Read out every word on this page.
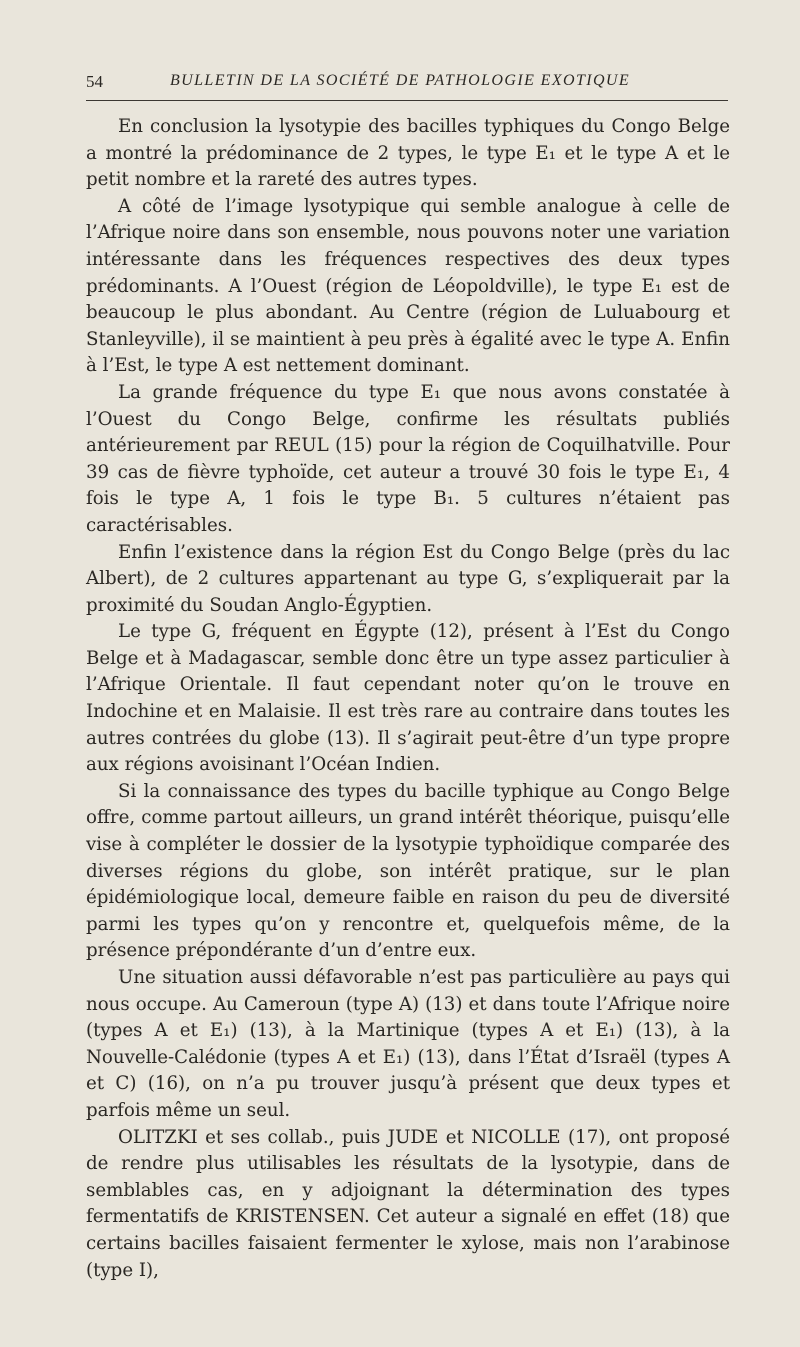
54	BULLETIN DE LA SOCIÉTÉ DE PATHOLOGIE EXOTIQUE

En conclusion la lysotypie des bacilles typhiques du Congo Belge a montré la prédominance de 2 types, le type E₁ et le type A et le petit nombre et la rareté des autres types.

A côté de l’image lysotypique qui semble analogue à celle de l’Afrique noire dans son ensemble, nous pouvons noter une variation intéressante dans les fréquences respectives des deux types prédominants. A l’Ouest (région de Léopoldville), le type E₁ est de beaucoup le plus abondant. Au Centre (région de Luluabourg et Stanleyville), il se maintient à peu près à égalité avec le type A. Enfin à l’Est, le type A est nettement dominant.

La grande fréquence du type E₁ que nous avons constatée à l’Ouest du Congo Belge, confirme les résultats publiés antérieurement par REUL (15) pour la région de Coquilhatville. Pour 39 cas de fièvre typhoïde, cet auteur a trouvé 30 fois le type E₁, 4 fois le type A, 1 fois le type B₁. 5 cultures n’étaient pas caractérisables.

Enfin l’existence dans la région Est du Congo Belge (près du lac Albert), de 2 cultures appartenant au type G, s’expliquerait par la proximité du Soudan Anglo-Égyptien.

Le type G, fréquent en Égypte (12), présent à l’Est du Congo Belge et à Madagascar, semble donc être un type assez particulier à l’Afrique Orientale. Il faut cependant noter qu’on le trouve en Indochine et en Malaisie. Il est très rare au contraire dans toutes les autres contrées du globe (13). Il s’agirait peut-être d’un type propre aux régions avoisinant l’Océan Indien.

Si la connaissance des types du bacille typhique au Congo Belge offre, comme partout ailleurs, un grand intérêt théorique, puisqu’elle vise à compléter le dossier de la lysotypie typhoïdique comparée des diverses régions du globe, son intérêt pratique, sur le plan épidémiologique local, demeure faible en raison du peu de diversité parmi les types qu’on y rencontre et, quelquefois même, de la présence prépondérante d’un d’entre eux.

Une situation aussi défavorable n’est pas particulière au pays qui nous occupe. Au Cameroun (type A) (13) et dans toute l’Afrique noire (types A et E₁) (13), à la Martinique (types A et E₁) (13), à la Nouvelle-Calédonie (types A et E₁) (13), dans l’État d’Israël (types A et C) (16), on n’a pu trouver jusqu’à présent que deux types et parfois même un seul.

OLITZKI et ses collab., puis JUDE et NICOLLE (17), ont proposé de rendre plus utilisables les résultats de la lysotypie, dans de semblables cas, en y adjoignant la détermination des types fermentatifs de KRISTENSEN. Cet auteur a signalé en effet (18) que certains bacilles faisaient fermenter le xylose, mais non l’arabinose (type I),
